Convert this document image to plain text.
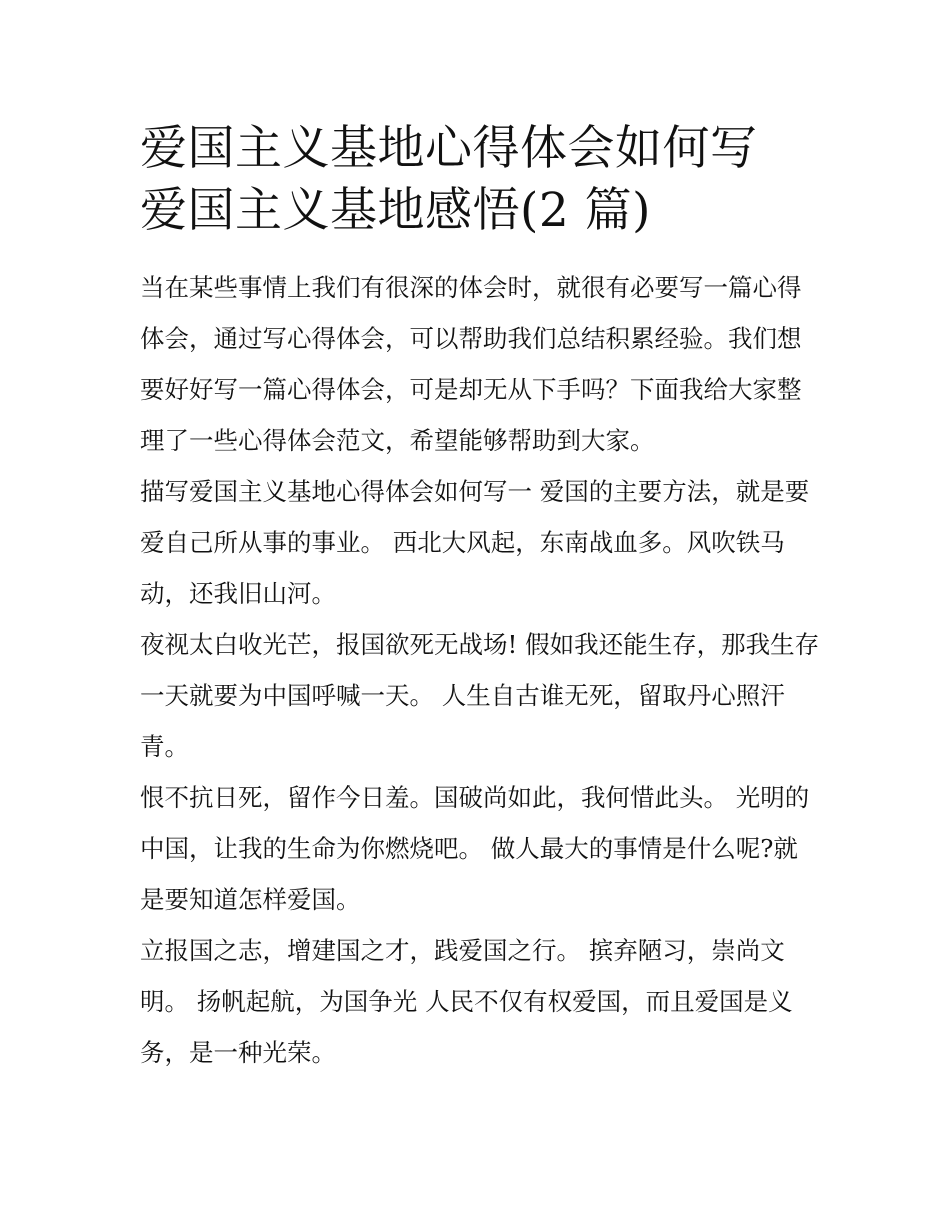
爱国主义基地心得体会如何写
爱国主义基地感悟(2 篇)

当在某些事情上我们有很深的体会时，就很有必要写一篇心得体会，通过写心得体会，可以帮助我们总结积累经验。我们想要好好写一篇心得体会，可是却无从下手吗？下面我给大家整理了一些心得体会范文，希望能够帮助到大家。

描写爱国主义基地心得体会如何写一 爱国的主要方法，就是要爱自己所从事的事业。 西北大风起，东南战血多。风吹铁马动，还我旧山河。

夜视太白收光芒，报国欲死无战场! 假如我还能生存，那我生存一天就要为中国呼喊一天。 人生自古谁无死，留取丹心照汗青。

恨不抗日死，留作今日羞。国破尚如此，我何惜此头。 光明的中国，让我的生命为你燃烧吧。 做人最大的事情是什么呢?就是要知道怎样爱国。

立报国之志，增建国之才，践爱国之行。 摈弃陋习，崇尚文明。 扬帆起航，为国争光 人民不仅有权爱国，而且爱国是义务，是一种光荣。
